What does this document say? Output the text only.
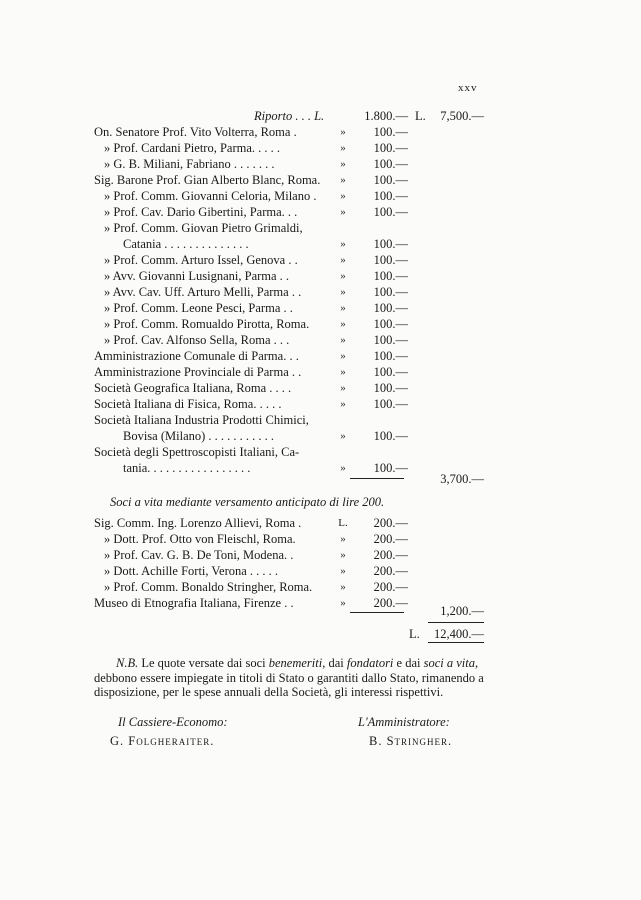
xxv
Riporto . . . L.	1.800.— L.	7,500.—
On. Senatore Prof. Vito Volterra, Roma .	»	100.—
» Prof. Cardani Pietro, Parma. . . . .	»	100.—
» G. B. Miliani, Fabriano . . . . . . .	»	100.—
Sig. Barone Prof. Gian Alberto Blanc, Roma.	»	100.—
» Prof. Comm. Giovanni Celoria, Milano .	»	100.—
» Prof. Cav. Dario Gibertini, Parma. . .	»	100.—
» Prof. Comm. Giovan Pietro Grimaldi,
Catania . . . . . . . . . . . . . .	»	100.—
» Prof. Comm. Arturo Issel, Genova . .	»	100.—
» Avv. Giovanni Lusignani, Parma . .	»	100.—
» Avv. Cav. Uff. Arturo Melli, Parma . .	»	100.—
» Prof. Comm. Leone Pesci, Parma . .	»	100.—
» Prof. Comm. Romualdo Pirotta, Roma.	»	100.—
» Prof. Cav. Alfonso Sella, Roma . . .	»	100.—
Amministrazione Comunale di Parma. . .	»	100.—
Amministrazione Provinciale di Parma . .	»	100.—
Società Geografica Italiana, Roma . . . .	»	100.—
Società Italiana di Fisica, Roma. . . . .	»	100.—
Società Italiana Industria Prodotti Chimici,
Bovisa (Milano) . . . . . . . . . . .	»	100.—
Società degli Spettroscopisti Italiani, Ca-
tania. . . . . . . . . . . . . . . . .	»	100.—
3,700.—
Soci a vita mediante versamento anticipato di lire 200.
Sig. Comm. Ing. Lorenzo Allievi, Roma .	L.	200.—
» Dott. Prof. Otto von Fleischl, Roma.	»	200.—
» Prof. Cav. G. B. De Toni, Modena. .	»	200.—
» Dott. Achille Forti, Verona . . . . .	»	200.—
» Prof. Comm. Bonaldo Stringher, Roma.	»	200.—
Museo di Etnografia Italiana, Firenze . .	»	200.—
1,200.—
L.	12,400.—
N.B. Le quote versate dai soci benemeriti, dai fondatori e dai soci a vita, debbono essere impiegate in titoli di Stato o garantiti dallo Stato, rimanendo a disposizione, per le spese annuali della Società, gli interessi rispettivi.
Il Cassiere-Economo:
G. Folgheraiter.
L'Amministratore:
B. Stringher.
